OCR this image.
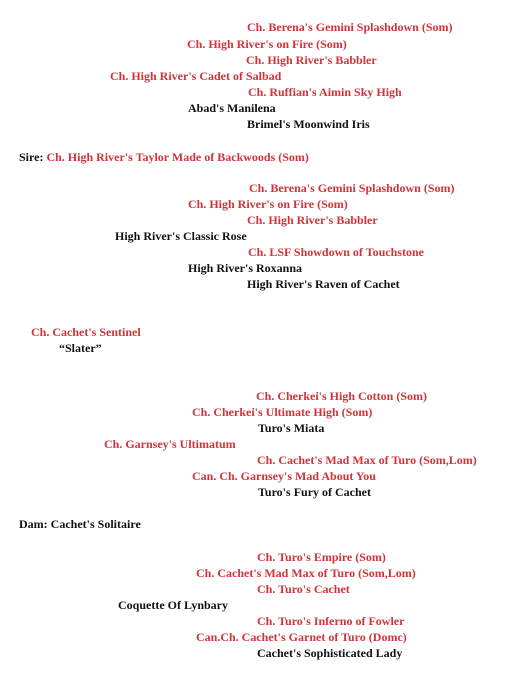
Ch. Berena's Gemini Splashdown (Som)
Ch. High River's on Fire (Som)
Ch. High River's Babbler
Ch. High River's Cadet of Salbad
Ch. Ruffian's Aimin Sky High
Abad's Manilena
Brimel's Moonwind Iris
Sire: Ch. High River's Taylor Made of Backwoods (Som)
Ch. Berena's Gemini Splashdown (Som)
Ch. High River's on Fire (Som)
Ch. High River's Babbler
High River's Classic Rose
Ch. LSF Showdown of Touchstone
High River's Roxanna
High River's Raven of Cachet
Ch. Cachet's Sentinel
“Slater”
Ch. Cherkei's High Cotton (Som)
Ch. Cherkei's Ultimate High (Som)
Turo's Miata
Ch. Garnsey's Ultimatum
Ch. Cachet's Mad Max of Turo (Som,Lom)
Can. Ch. Garnsey's Mad About You
Turo's Fury of Cachet
Dam: Cachet's Solitaire
Ch. Turo's Empire (Som)
Ch. Cachet's Mad Max of Turo (Som,Lom)
Ch. Turo's Cachet
Coquette Of Lynbary
Ch. Turo's Inferno of Fowler
Can.Ch. Cachet's Garnet of Turo (Domc)
Cachet's Sophisticated Lady
